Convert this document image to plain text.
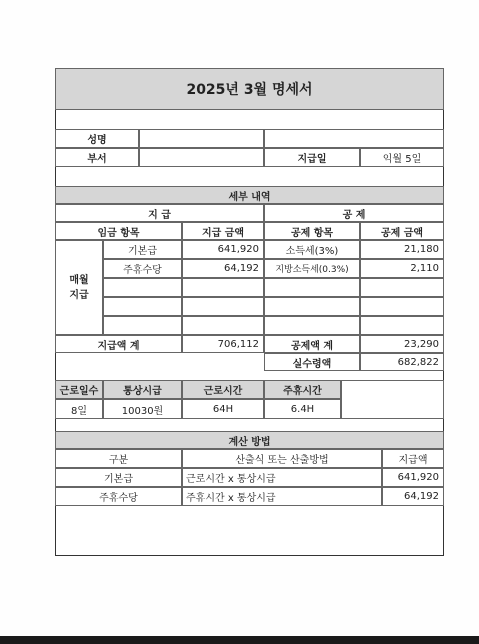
2025년 3월 명세서
성명
부서	지급일	익월 5일
세부 내역
지 급	공 제
임금 항목	지급 금액	공제 항목	공제 금액
매월
지급
기본급	641,920	소득세(3%)	21,180
주휴수당	64,192	지방소득세(0.3%)	2,110
지급액 계	706,112	공제액 계	23,290
실수령액	682,822
근로일수	통상시급	근로시간	주휴시간
8일	10030원	64H	6.4H
계산 방법
구분	산출식 또는 산출방법	지급액
기본급	근로시간 x 통상시급	641,920
주휴수당	주휴시간 x 통상시급	64,192
